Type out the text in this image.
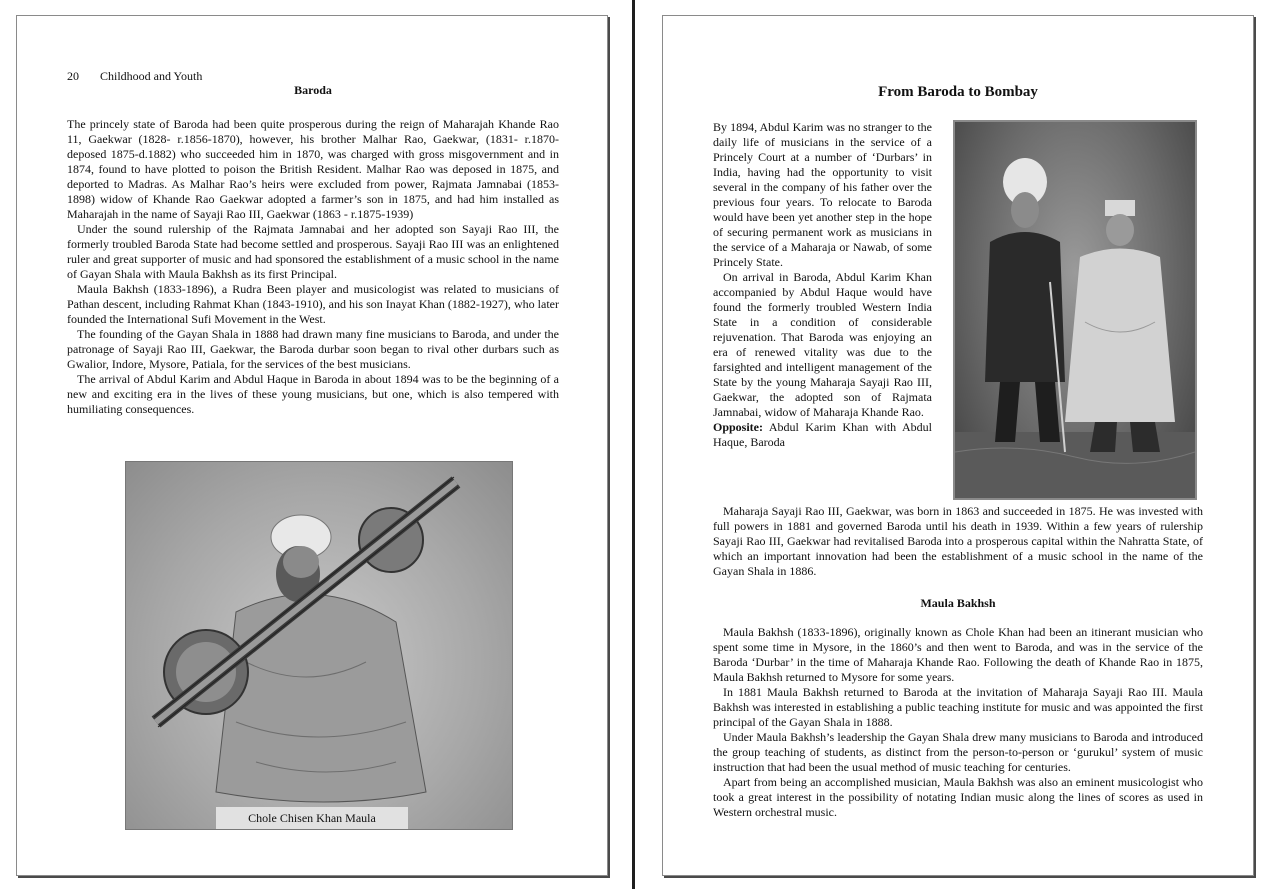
20 Childhood and Youth
Baroda

The princely state of Baroda had been quite prosperous during the reign of Maharajah Khande Rao 11, Gaekwar (1828- r.1856-1870), however, his brother Malhar Rao, Gaekwar, (1831- r.1870- deposed 1875-d.1882) who succeeded him in 1870, was charged with gross misgovernment and in 1874, found to have plotted to poison the British Resident. Malhar Rao was deposed in 1875, and deported to Madras. As Malhar Rao’s heirs were excluded from power, Rajmata Jamnabai (1853-1898) widow of Khande Rao Gaekwar adopted a farmer’s son in 1875, and had him installed as Maharajah in the name of Sayaji Rao III, Gaekwar (1863 - r.1875-1939)

Under the sound rulership of the Rajmata Jamnabai and her adopted son Sayaji Rao III, the formerly troubled Baroda State had become settled and prosperous. Sayaji Rao III was an enlightened ruler and great supporter of music and had sponsored the establishment of a music school in the name of Gayan Shala with Maula Bakhsh as its first Principal.

Maula Bakhsh (1833-1896), a Rudra Been player and musicologist was related to musicians of Pathan descent, including Rahmat Khan (1843-1910), and his son Inayat Khan (1882-1927), who later founded the International Sufi Movement in the West.

The founding of the Gayan Shala in 1888 had drawn many fine musicians to Baroda, and under the patronage of Sayaji Rao III, Gaekwar, the Baroda durbar soon began to rival other durbars such as Gwalior, Indore, Mysore, Patiala, for the services of the best musicians.

The arrival of Abdul Karim and Abdul Haque in Baroda in about 1894 was to be the beginning of a new and exciting era in the lives of these young musicians, but one, which is also tempered with humiliating consequences.

Chole Chisen Khan Maula
From Baroda to Bombay

By 1894, Abdul Karim was no stranger to the daily life of musicians in the service of a Princely Court at a number of ‘Durbars’ in India, having had the opportunity to visit several in the company of his father over the previous four years. To relocate to Baroda would have been yet another step in the hope of securing permanent work as musicians in the service of a Maharaja or Nawab, of some Princely State.

On arrival in Baroda, Abdul Karim Khan accompanied by Abdul Haque would have found the formerly troubled Western India State in a condition of considerable rejuvenation. That Baroda was enjoying an era of renewed vitality was due to the farsighted and intelligent management of the State by the young Maharaja Sayaji Rao III, Gaekwar, the adopted son of Rajmata Jamnabai, widow of Maharaja Khande Rao.

Opposite: Abdul Karim Khan with Abdul Haque, Baroda

Maharaja Sayaji Rao III, Gaekwar, was born in 1863 and succeeded in 1875. He was invested with full powers in 1881 and governed Baroda until his death in 1939. Within a few years of rulership Sayaji Rao III, Gaekwar had revitalised Baroda into a prosperous capital within the Nahratta State, of which an important innovation had been the establishment of a music school in the name of the Gayan Shala in 1886.

Maula Bakhsh

Maula Bakhsh (1833-1896), originally known as Chole Khan had been an itinerant musician who spent some time in Mysore, in the 1860’s and then went to Baroda, and was in the service of the Baroda ‘Durbar’ in the time of Maharaja Khande Rao. Following the death of Khande Rao in 1875, Maula Bakhsh returned to Mysore for some years.

In 1881 Maula Bakhsh returned to Baroda at the invitation of Maharaja Sayaji Rao III. Maula Bakhsh was interested in establishing a public teaching institute for music and was appointed the first principal of the Gayan Shala in 1888.

Under Maula Bakhsh’s leadership the Gayan Shala drew many musicians to Baroda and introduced the group teaching of students, as distinct from the person-to-person or ‘gurukul’ system of music instruction that had been the usual method of music teaching for centuries.

Apart from being an accomplished musician, Maula Bakhsh was also an eminent musicologist who took a great interest in the possibility of notating Indian music along the lines of scores as used in Western orchestral music.
